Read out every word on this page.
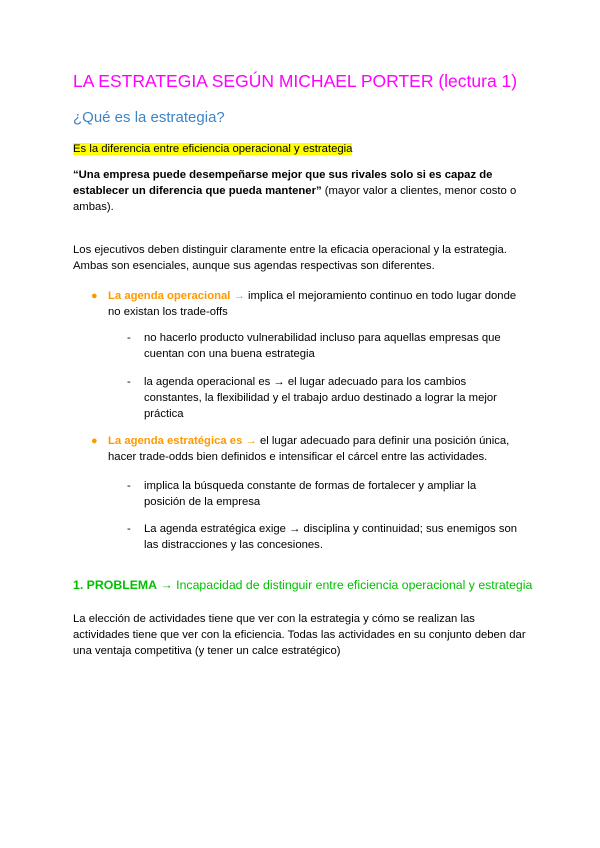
LA ESTRATEGIA SEGÚN MICHAEL PORTER (lectura 1)
¿Qué es la estrategia?
Es la diferencia entre eficiencia operacional y estrategia
“Una empresa puede desempeñarse mejor que sus rivales solo si es capaz de establecer un diferencia que pueda mantener” (mayor valor a clientes, menor costo o ambas).
Los ejecutivos deben distinguir claramente entre la eficacia operacional y la estrategia. Ambas son esenciales, aunque sus agendas respectivas son diferentes.
● La agenda operacional → implica el mejoramiento continuo en todo lugar donde no existan los trade-offs
- no hacerlo producto vulnerabilidad incluso para aquellas empresas que cuentan con una buena estrategia
- la agenda operacional es → el lugar adecuado para los cambios constantes, la flexibilidad y el trabajo arduo destinado a lograr la mejor práctica
● La agenda estratégica es → el lugar adecuado para definir una posición única, hacer trade-odds bien definidos e intensificar el cárcel entre las actividades.
- implica la búsqueda constante de formas de fortalecer y ampliar la posición de la empresa
- La agenda estratégica exige → disciplina y continuidad; sus enemigos son las distracciones y las concesiones.
1. PROBLEMA → Incapacidad de distinguir entre eficiencia operacional y estrategia
La elección de actividades tiene que ver con la estrategia y cómo se realizan las actividades tiene que ver con la eficiencia. Todas las actividades en su conjunto deben dar una ventaja competitiva (y tener un calce estratégico)
